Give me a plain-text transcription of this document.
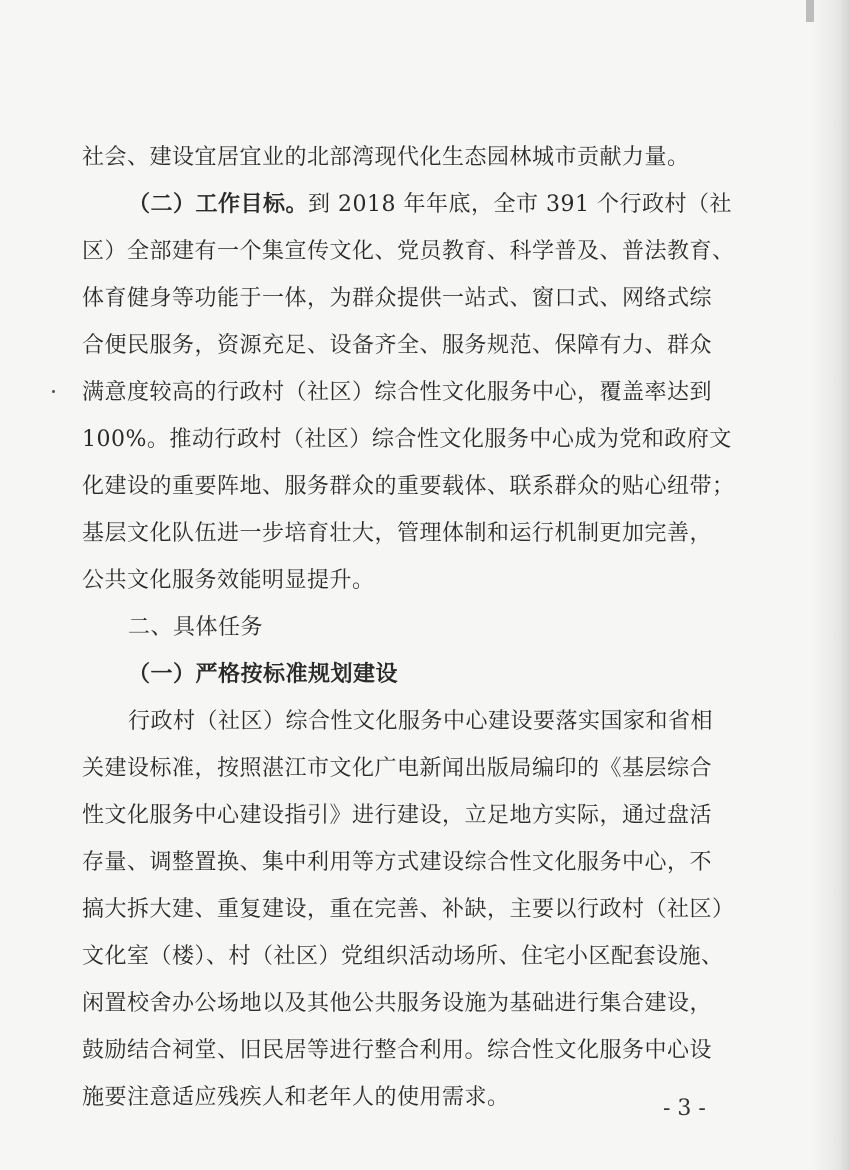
社会、建设宜居宜业的北部湾现代化生态园林城市贡献力量。
（二）工作目标。到 2018 年年底，全市 391 个行政村（社
区）全部建有一个集宣传文化、党员教育、科学普及、普法教育、
体育健身等功能于一体，为群众提供一站式、窗口式、网络式综
合便民服务，资源充足、设备齐全、服务规范、保障有力、群众
满意度较高的行政村（社区）综合性文化服务中心，覆盖率达到
100%。推动行政村（社区）综合性文化服务中心成为党和政府文
化建设的重要阵地、服务群众的重要载体、联系群众的贴心纽带；
基层文化队伍进一步培育壮大，管理体制和运行机制更加完善，
公共文化服务效能明显提升。
二、具体任务
（一）严格按标准规划建设
行政村（社区）综合性文化服务中心建设要落实国家和省相
关建设标准，按照湛江市文化广电新闻出版局编印的《基层综合
性文化服务中心建设指引》进行建设，立足地方实际，通过盘活
存量、调整置换、集中利用等方式建设综合性文化服务中心，不
搞大拆大建、重复建设，重在完善、补缺，主要以行政村（社区）
文化室（楼）、村（社区）党组织活动场所、住宅小区配套设施、
闲置校舍办公场地以及其他公共服务设施为基础进行集合建设，
鼓励结合祠堂、旧民居等进行整合利用。综合性文化服务中心设
施要注意适应残疾人和老年人的使用需求。	- 3 -
